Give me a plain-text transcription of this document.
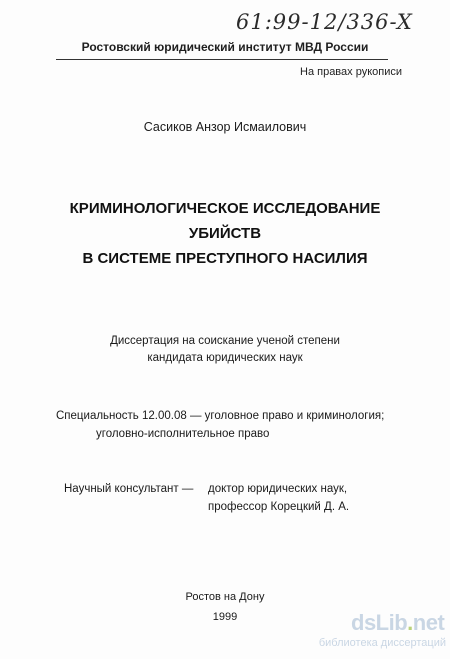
61:99-12/336-X
Ростовский юридический институт МВД России
На правах рукописи
Сасиков Анзор Исмаилович
КРИМИНОЛОГИЧЕСКОЕ ИССЛЕДОВАНИЕ
УБИЙСТВ
В СИСТЕМЕ ПРЕСТУПНОГО НАСИЛИЯ
Диссертация на соискание ученой степени
кандидата юридических наук
Специальность 12.00.08 — уголовное право и криминология;
уголовно-исполнительное право
Научный консультант — доктор юридических наук,
профессор Корецкий Д. А.
Ростов на Дону
1999	dsLib.net
библиотека диссертаций
